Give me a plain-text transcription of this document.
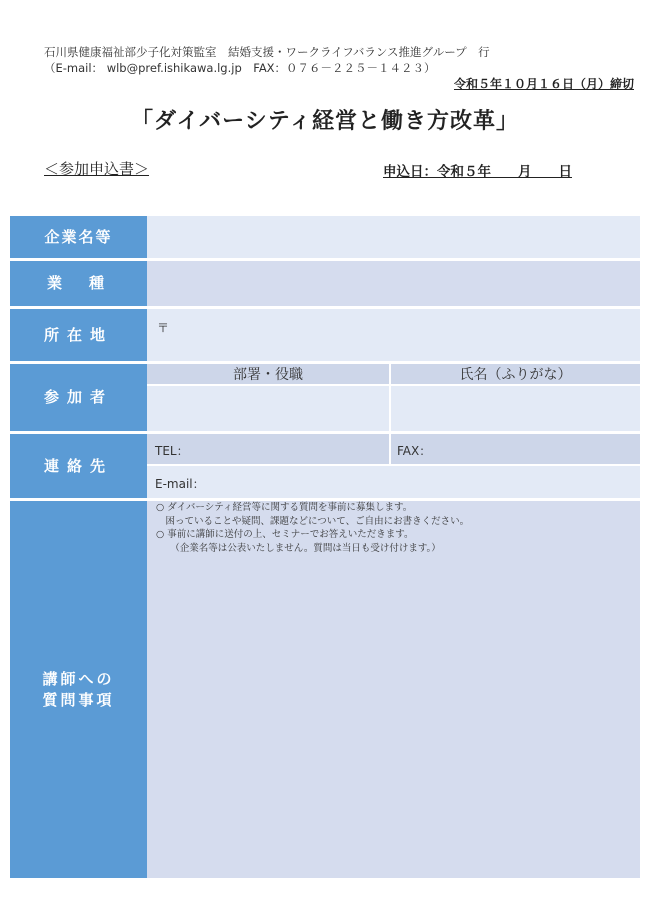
石川県健康福祉部少子化対策監室　結婚支援・ワークライフバランス推進グループ　行
（E-mail： wlb@pref.ishikawa.lg.jp　FAX：０７６－２２５－１４２３）
令和５年１０月１６日（月）締切
「ダイバーシティ経営と働き方改革」
＜参加申込書＞	申込日：令和５年　　月　　日
企業名等
業　種
所在地	〒
参加者
部署・役職	氏名（ふりがな）
連絡先
TEL：	FAX：
E-mail：
講師への
質問事項
○ ダイバーシティ経営等に関する質問を事前に募集します。
　困っていることや疑問、課題などについて、ご自由にお書きください。
○ 事前に講師に送付の上、セミナーでお答えいただきます。
　　（企業名等は公表いたしません。質問は当日も受け付けます。）
